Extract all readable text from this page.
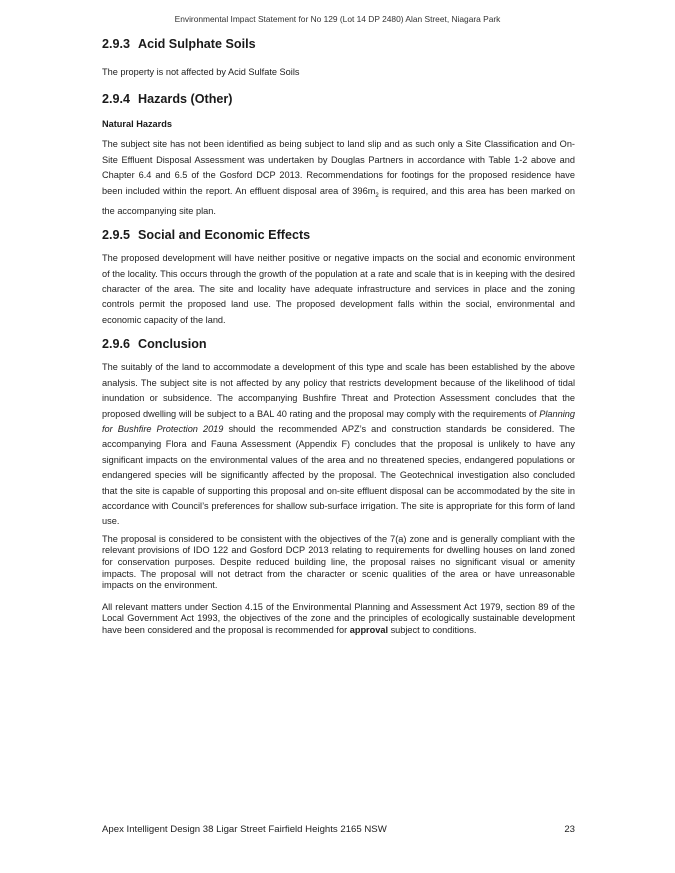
Environmental Impact Statement for No 129 (Lot 14 DP 2480) Alan Street, Niagara Park
2.9.3 Acid Sulphate Soils

The property is not affected by Acid Sulfate Soils

2.9.4 Hazards (Other)
Natural Hazards

The subject site has not been identified as being subject to land slip and as such only a Site Classification and On-Site Effluent Disposal Assessment was undertaken by Douglas Partners in accordance with Table 1-2 above and Chapter 6.4 and 6.5 of the Gosford DCP 2013. Recommendations for footings for the proposed residence have been included within the report. An effluent disposal area of $396m_2$ is required, and this area has been marked on the accompanying site plan.

2.9.5 Social and Economic Effects

The proposed development will have neither positive or negative impacts on the social and economic environment of the locality. This occurs through the growth of the population at a rate and scale that is in keeping with the desired character of the area. The site and locality have adequate infrastructure and services in place and the zoning controls permit the proposed land use. The proposed development falls within the social, environmental and economic capacity of the land.

2.9.6 Conclusion

The suitably of the land to accommodate a development of this type and scale has been established by the above analysis. The subject site is not affected by any policy that restricts development because of the likelihood of tidal inundation or subsidence. The accompanying Bushfire Threat and Protection Assessment concludes that the proposed dwelling will be subject to a BAL 40 rating and the proposal may comply with the requirements of Planning for Bushfire Protection 2019 should the recommended APZ’s and construction standards be considered. The accompanying Flora and Fauna Assessment (Appendix F) concludes that the proposal is unlikely to have any significant impacts on the environmental values of the area and no threatened species, endangered populations or endangered species will be significantly affected by the proposal. The Geotechnical investigation also concluded that the site is capable of supporting this proposal and on-site effluent disposal can be accommodated by the site in accordance with Council’s preferences for shallow sub-surface irrigation. The site is appropriate for this form of land use.

The proposal is considered to be consistent with the objectives of the 7(a) zone and is generally compliant with the relevant provisions of IDO 122 and Gosford DCP 2013 relating to requirements for dwelling houses on land zoned for conservation purposes. Despite reduced building line, the proposal raises no significant visual or amenity impacts. The proposal will not detract from the character or scenic qualities of the area or have unreasonable impacts on the environment.

All relevant matters under Section 4.15 of the Environmental Planning and Assessment Act 1979, section 89 of the Local Government Act 1993, the objectives of the zone and the principles of ecologically sustainable development have been considered and the proposal is recommended for approval subject to conditions.

Apex Intelligent Design 38 Ligar Street Fairfield Heights 2165 NSW	23
